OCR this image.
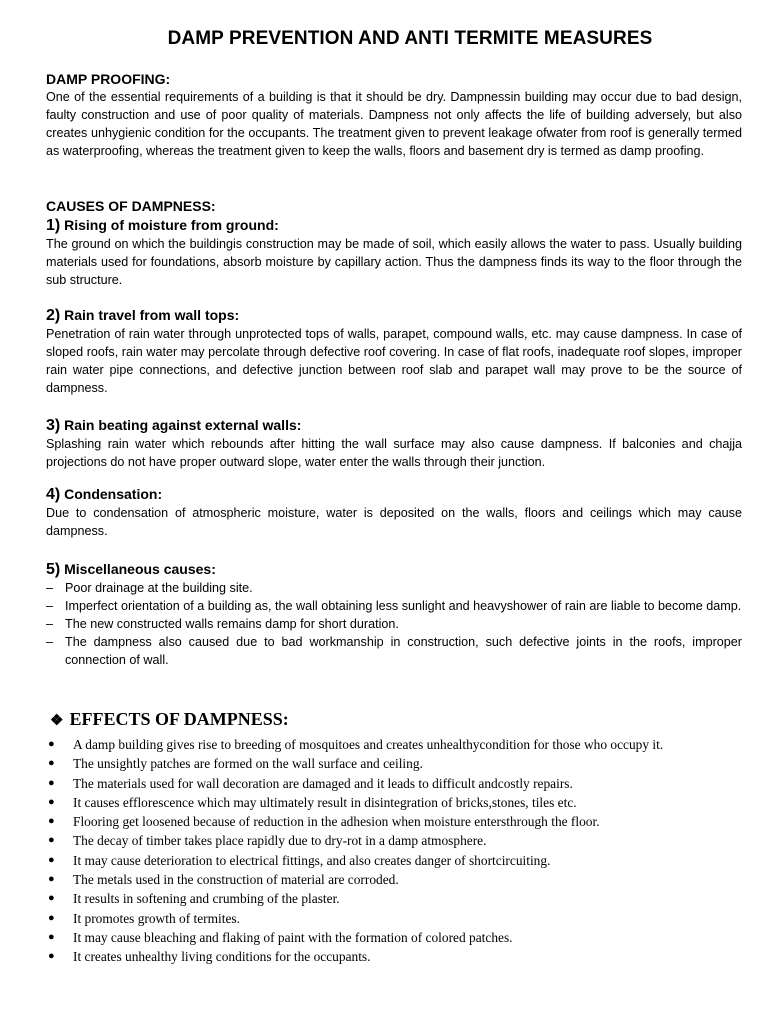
DAMP PREVENTION AND ANTI TERMITE MEASURES
DAMP PROOFING:

One of the essential requirements of a building is that it should be dry. Dampnessin building may occur due to bad design, faulty construction and use of poor quality of materials. Dampness not only affects the life of building adversely, but also creates unhygienic condition for the occupants. The treatment given to prevent leakage ofwater from roof is generally termed as waterproofing, whereas the treatment given to keep the walls, floors and basement dry is termed as damp proofing.

CAUSES OF DAMPNESS:
1) Rising of moisture from ground:

The ground on which the buildingis construction may be made of soil, which easily allows the water to pass. Usually building materials used for foundations, absorb moisture by capillary action. Thus the dampness finds its way to the floor through the sub structure.

2) Rain travel from wall tops:

Penetration of rain water through unprotected tops of walls, parapet, compound walls, etc. may cause dampness. In case of sloped roofs, rain water may percolate through defective roof covering. In case of flat roofs, inadequate roof slopes, improper rain water pipe connections, and defective junction between roof slab and parapet wall may prove to be the source of dampness.

3) Rain beating against external walls:

Splashing rain water which rebounds after hitting the wall surface may also cause dampness. If balconies and chajja projections do not have proper outward slope, water enter the walls through their junction.

4) Condensation:

Due to condensation of atmospheric moisture, water is deposited on the walls, floors and ceilings which may cause dampness.

5) Miscellaneous causes:
– Poor drainage at the building site.
– Imperfect orientation of a building as, the wall obtaining less sunlight and heavyshower of rain are liable to become damp.
– The new constructed walls remains damp for short duration.
– The dampness also caused due to bad workmanship in construction, such defective joints in the roofs, improper connection of wall.
❖ EFFECTS OF DAMPNESS:
● A damp building gives rise to breeding of mosquitoes and creates unhealthycondition for those who occupy it.
● The unsightly patches are formed on the wall surface and ceiling.
● The materials used for wall decoration are damaged and it leads to difficult andcostly repairs.
● It causes efflorescence which may ultimately result in disintegration of bricks,stones, tiles etc.
● Flooring get loosened because of reduction in the adhesion when moisture entersthrough the floor.
● The decay of timber takes place rapidly due to dry-rot in a damp atmosphere.
● It may cause deterioration to electrical fittings, and also creates danger of shortcircuiting.
● The metals used in the construction of material are corroded.
● It results in softening and crumbing of the plaster.
● It promotes growth of termites.
● It may cause bleaching and flaking of paint with the formation of colored patches.
● It creates unhealthy living conditions for the occupants.
